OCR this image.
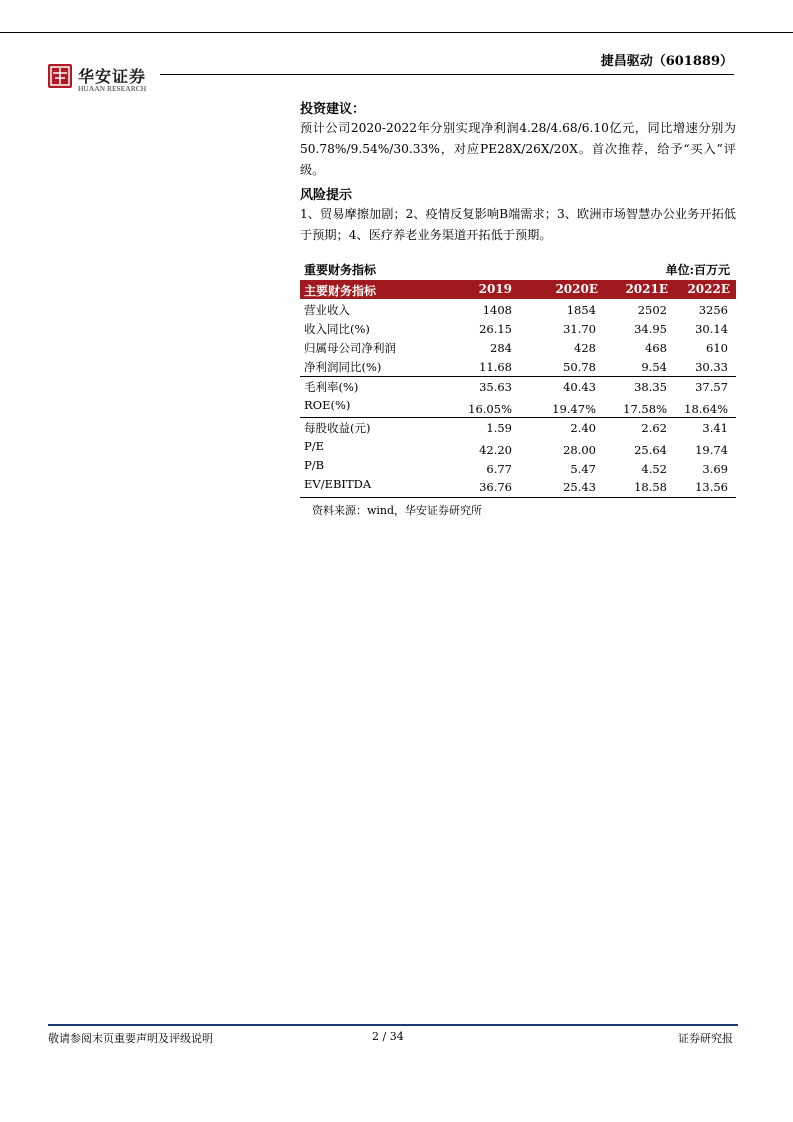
华安证券
HUAAN RESEARCH
捷昌驱动（601889）
投资建议：
预计公司2020-2022年分别实现净利润4.28/4.68/6.10亿元，同比增速分别为50.78%/9.54%/30.33%，对应PE28X/26X/20X。首次推荐，给予“买入”评级。
风险提示
1、贸易摩擦加剧；2、疫情反复影响B端需求；3、欧洲市场智慧办公业务开拓低于预期；4、医疗养老业务渠道开拓低于预期。
重要财务指标	单位:百万元
主要财务指标	2019	2020E	2021E	2022E
营业收入	1408	1854	2502	3256
收入同比(%)	26.15	31.70	34.95	30.14
归属母公司净利润	284	428	468	610
净利润同比(%)	11.68	50.78	9.54	30.33
毛利率(%)	35.63	40.43	38.35	37.57
ROE(%)	16.05%	19.47%	17.58%	18.64%
每股收益(元)	1.59	2.40	2.62	3.41
P/E	42.20	28.00	25.64	19.74
P/B	6.77	5.47	4.52	3.69
EV/EBITDA	36.76	25.43	18.58	13.56
资料来源：wind，华安证券研究所
敬请参阅末页重要声明及评级说明	2 / 34	证券研究报
